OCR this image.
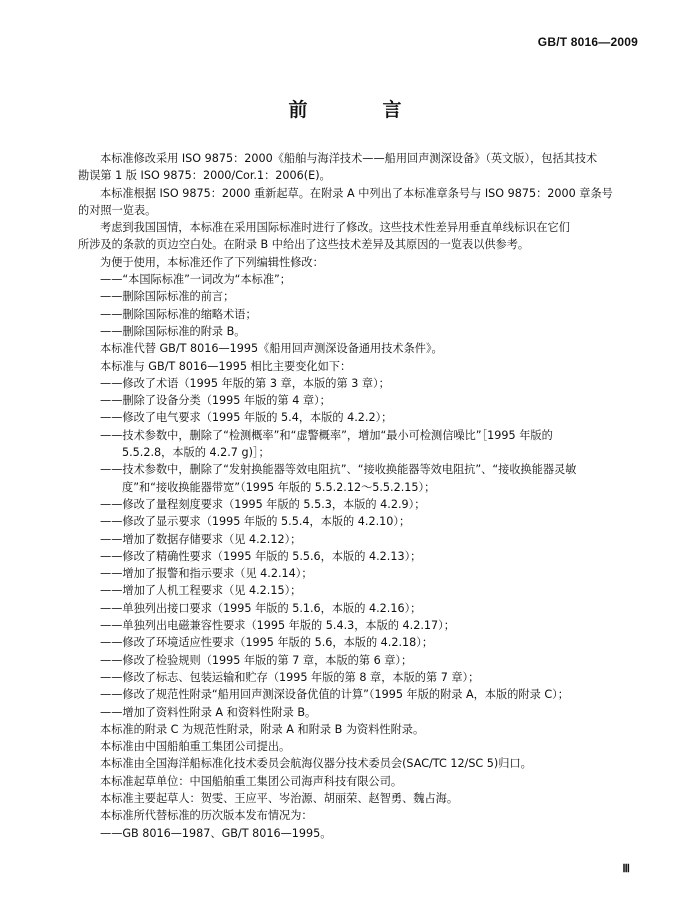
GB/T 8016—2009
前　言

本标准修改采用 ISO 9875：2000《船舶与海洋技术——船用回声测深设备》（英文版），包括其技术

勘误第 1 版 ISO 9875：2000/Cor.1：2006(E)。

本标准根据 ISO 9875：2000 重新起草。在附录 A 中列出了本标准章条号与 ISO 9875：2000 章条号

的对照一览表。

考虑到我国国情，本标准在采用国际标准时进行了修改。这些技术性差异用垂直单线标识在它们

所涉及的条款的页边空白处。在附录 B 中给出了这些技术差异及其原因的一览表以供参考。

为便于使用，本标准还作了下列编辑性修改：

——“本国际标准”一词改为“本标准”；

——删除国际标准的前言；

——删除国际标准的缩略术语；

——删除国际标准的附录 B。

本标准代替 GB/T 8016—1995《船用回声测深设备通用技术条件》。

本标准与 GB/T 8016—1995 相比主要变化如下：

——修改了术语（1995 年版的第 3 章，本版的第 3 章）；

——删除了设备分类（1995 年版的第 4 章）；

——修改了电气要求（1995 年版的 5.4，本版的 4.2.2）；

——技术参数中，删除了“检测概率”和“虚警概率”，增加“最小可检测信噪比”［1995 年版的

5.5.2.8，本版的 4.2.7 g)］；

——技术参数中，删除了“发射换能器等效电阻抗”、“接收换能器等效电阻抗”、“接收换能器灵敏

度”和“接收换能器带宽”（1995 年版的 5.5.2.12～5.5.2.15）；

——修改了量程刻度要求（1995 年版的 5.5.3，本版的 4.2.9）；

——修改了显示要求（1995 年版的 5.5.4，本版的 4.2.10）；

——增加了数据存储要求（见 4.2.12）；

——修改了精确性要求（1995 年版的 5.5.6，本版的 4.2.13）；

——增加了报警和指示要求（见 4.2.14）；

——增加了人机工程要求（见 4.2.15）；

——单独列出接口要求（1995 年版的 5.1.6，本版的 4.2.16）；

——单独列出电磁兼容性要求（1995 年版的 5.4.3，本版的 4.2.17）；

——修改了环境适应性要求（1995 年版的 5.6，本版的 4.2.18）；

——修改了检验规则（1995 年版的第 7 章，本版的第 6 章）；

——修改了标志、包装运输和贮存（1995 年版的第 8 章，本版的第 7 章）；

——修改了规范性附录“船用回声测深设备优值的计算”（1995 年版的附录 A，本版的附录 C）；

——增加了资料性附录 A 和资料性附录 B。

本标准的附录 C 为规范性附录，附录 A 和附录 B 为资料性附录。

本标准由中国船舶重工集团公司提出。

本标准由全国海洋船标准化技术委员会航海仪器分技术委员会(SAC/TC 12/SC 5)归口。

本标准起草单位：中国船舶重工集团公司海声科技有限公司。

本标准主要起草人：贺雯、王应平、岑治源、胡丽荣、赵智勇、魏占海。

本标准所代替标准的历次版本发布情况为：

——GB 8016—1987、GB/T 8016—1995。

Ⅲ
